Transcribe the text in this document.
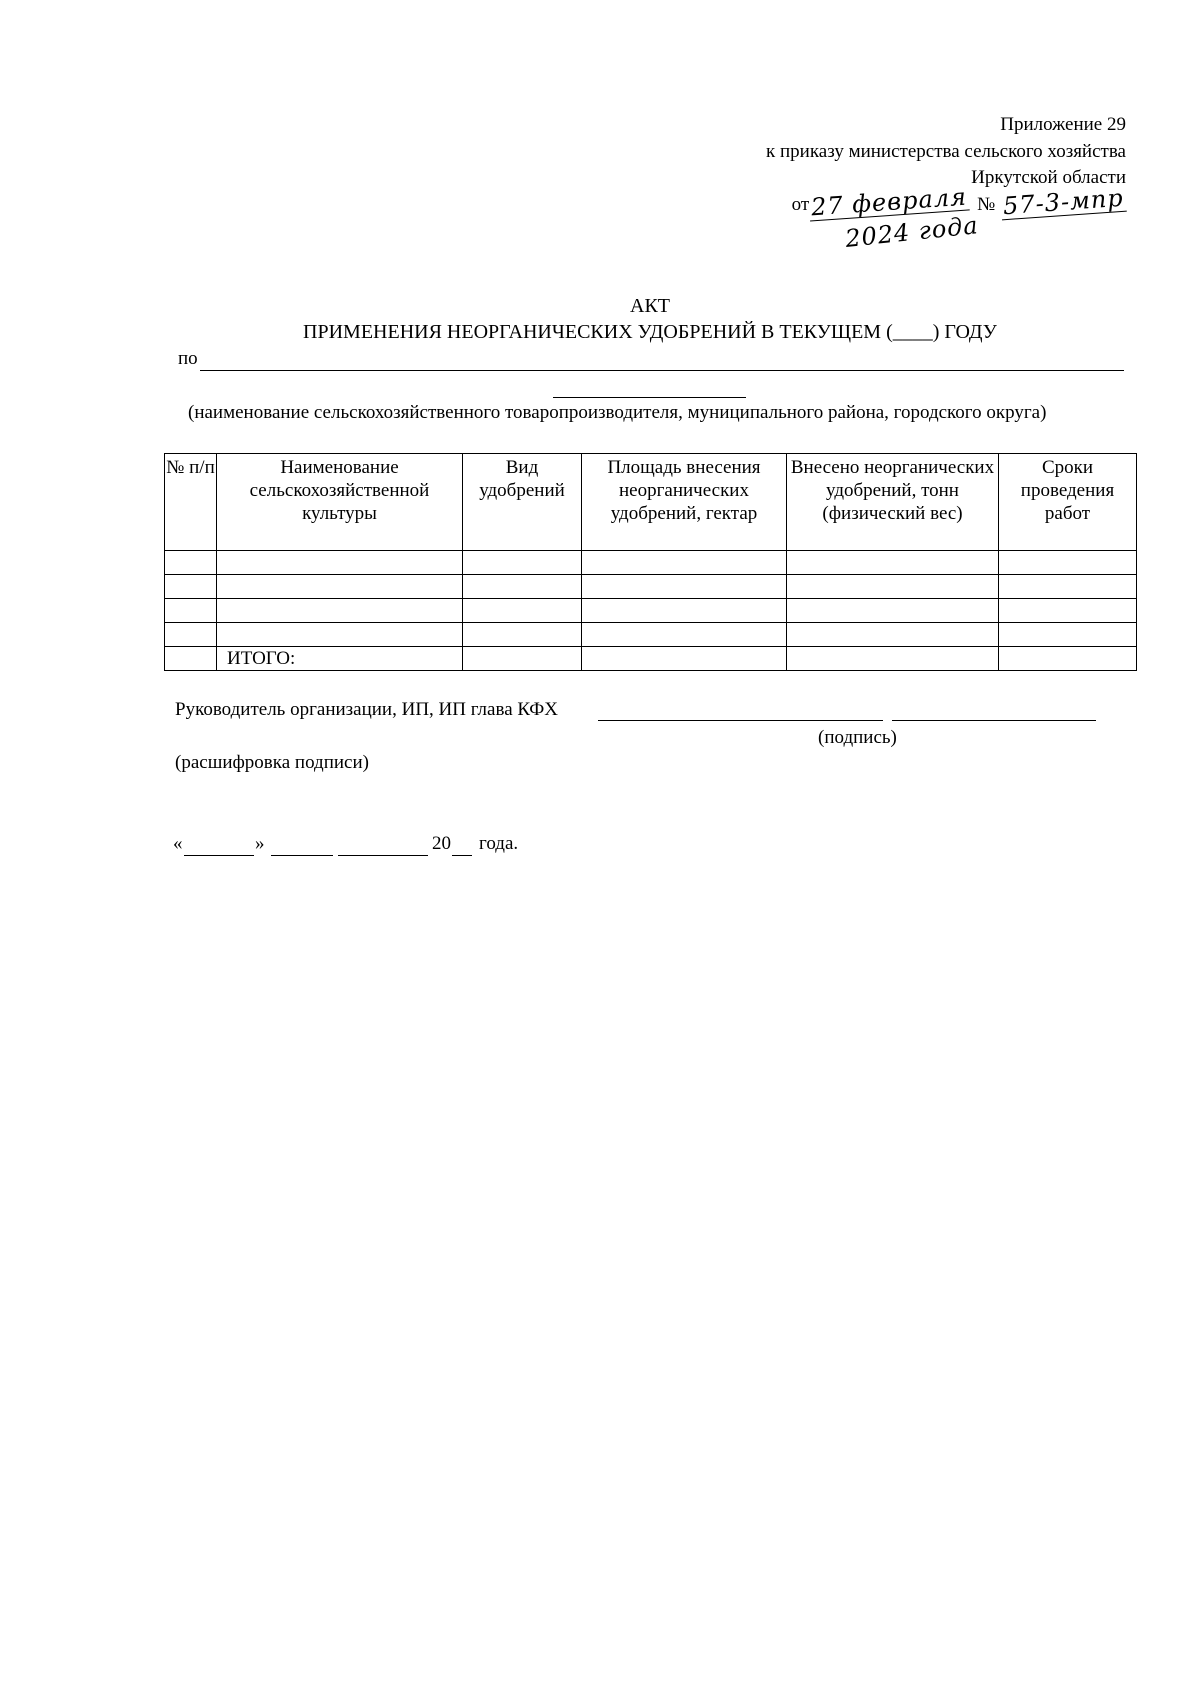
Приложение 29
к приказу министерства сельского хозяйства
Иркутской области
от 27 февраля № 57-3-мпр
2024 года
АКТ
ПРИМЕНЕНИЯ НЕОРГАНИЧЕСКИХ УДОБРЕНИЙ В ТЕКУЩЕМ (____) ГОДУ
по
(наименование сельскохозяйственного товаропроизводителя, муниципального района, городского округа)
№ п/п	Наименование сельскохозяйственной культуры	Вид удобрений	Площадь внесения неорганических удобрений, гектар	Внесено неорганических удобрений, тонн (физический вес)	Сроки проведения работ

	ИТОГО:				
Руководитель организации, ИП, ИП глава КФХ
(подпись)
(расшифровка подписи)
«	»	20 года.
